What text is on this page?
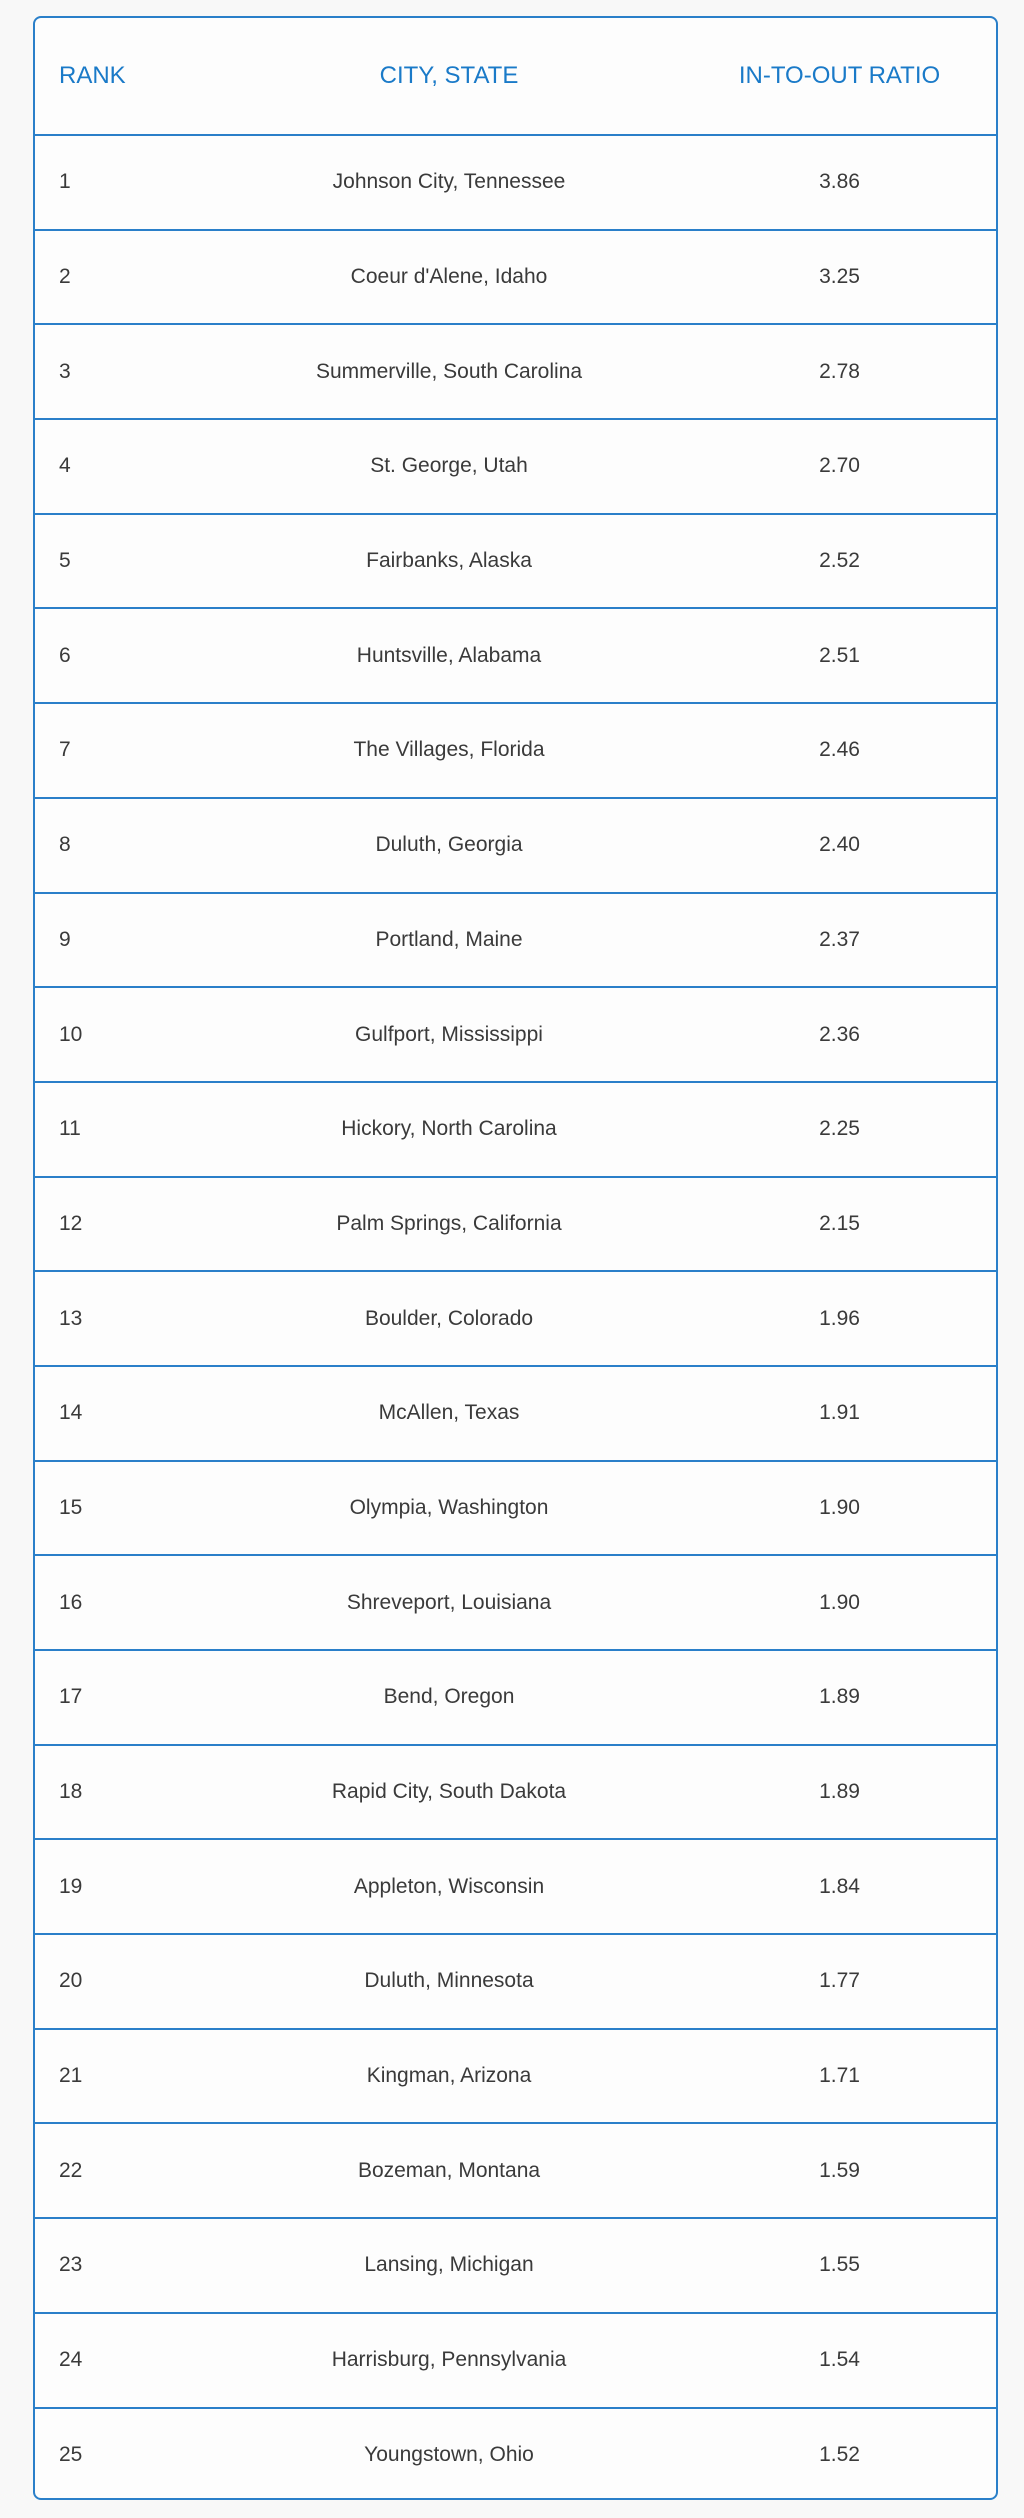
RANK	CITY, STATE	IN-TO-OUT RATIO
1	Johnson City, Tennessee	3.86
2	Coeur d'Alene, Idaho	3.25
3	Summerville, South Carolina	2.78
4	St. George, Utah	2.70
5	Fairbanks, Alaska	2.52
6	Huntsville, Alabama	2.51
7	The Villages, Florida	2.46
8	Duluth, Georgia	2.40
9	Portland, Maine	2.37
10	Gulfport, Mississippi	2.36
11	Hickory, North Carolina	2.25
12	Palm Springs, California	2.15
13	Boulder, Colorado	1.96
14	McAllen, Texas	1.91
15	Olympia, Washington	1.90
16	Shreveport, Louisiana	1.90
17	Bend, Oregon	1.89
18	Rapid City, South Dakota	1.89
19	Appleton, Wisconsin	1.84
20	Duluth, Minnesota	1.77
21	Kingman, Arizona	1.71
22	Bozeman, Montana	1.59
23	Lansing, Michigan	1.55
24	Harrisburg, Pennsylvania	1.54
25	Youngstown, Ohio	1.52
